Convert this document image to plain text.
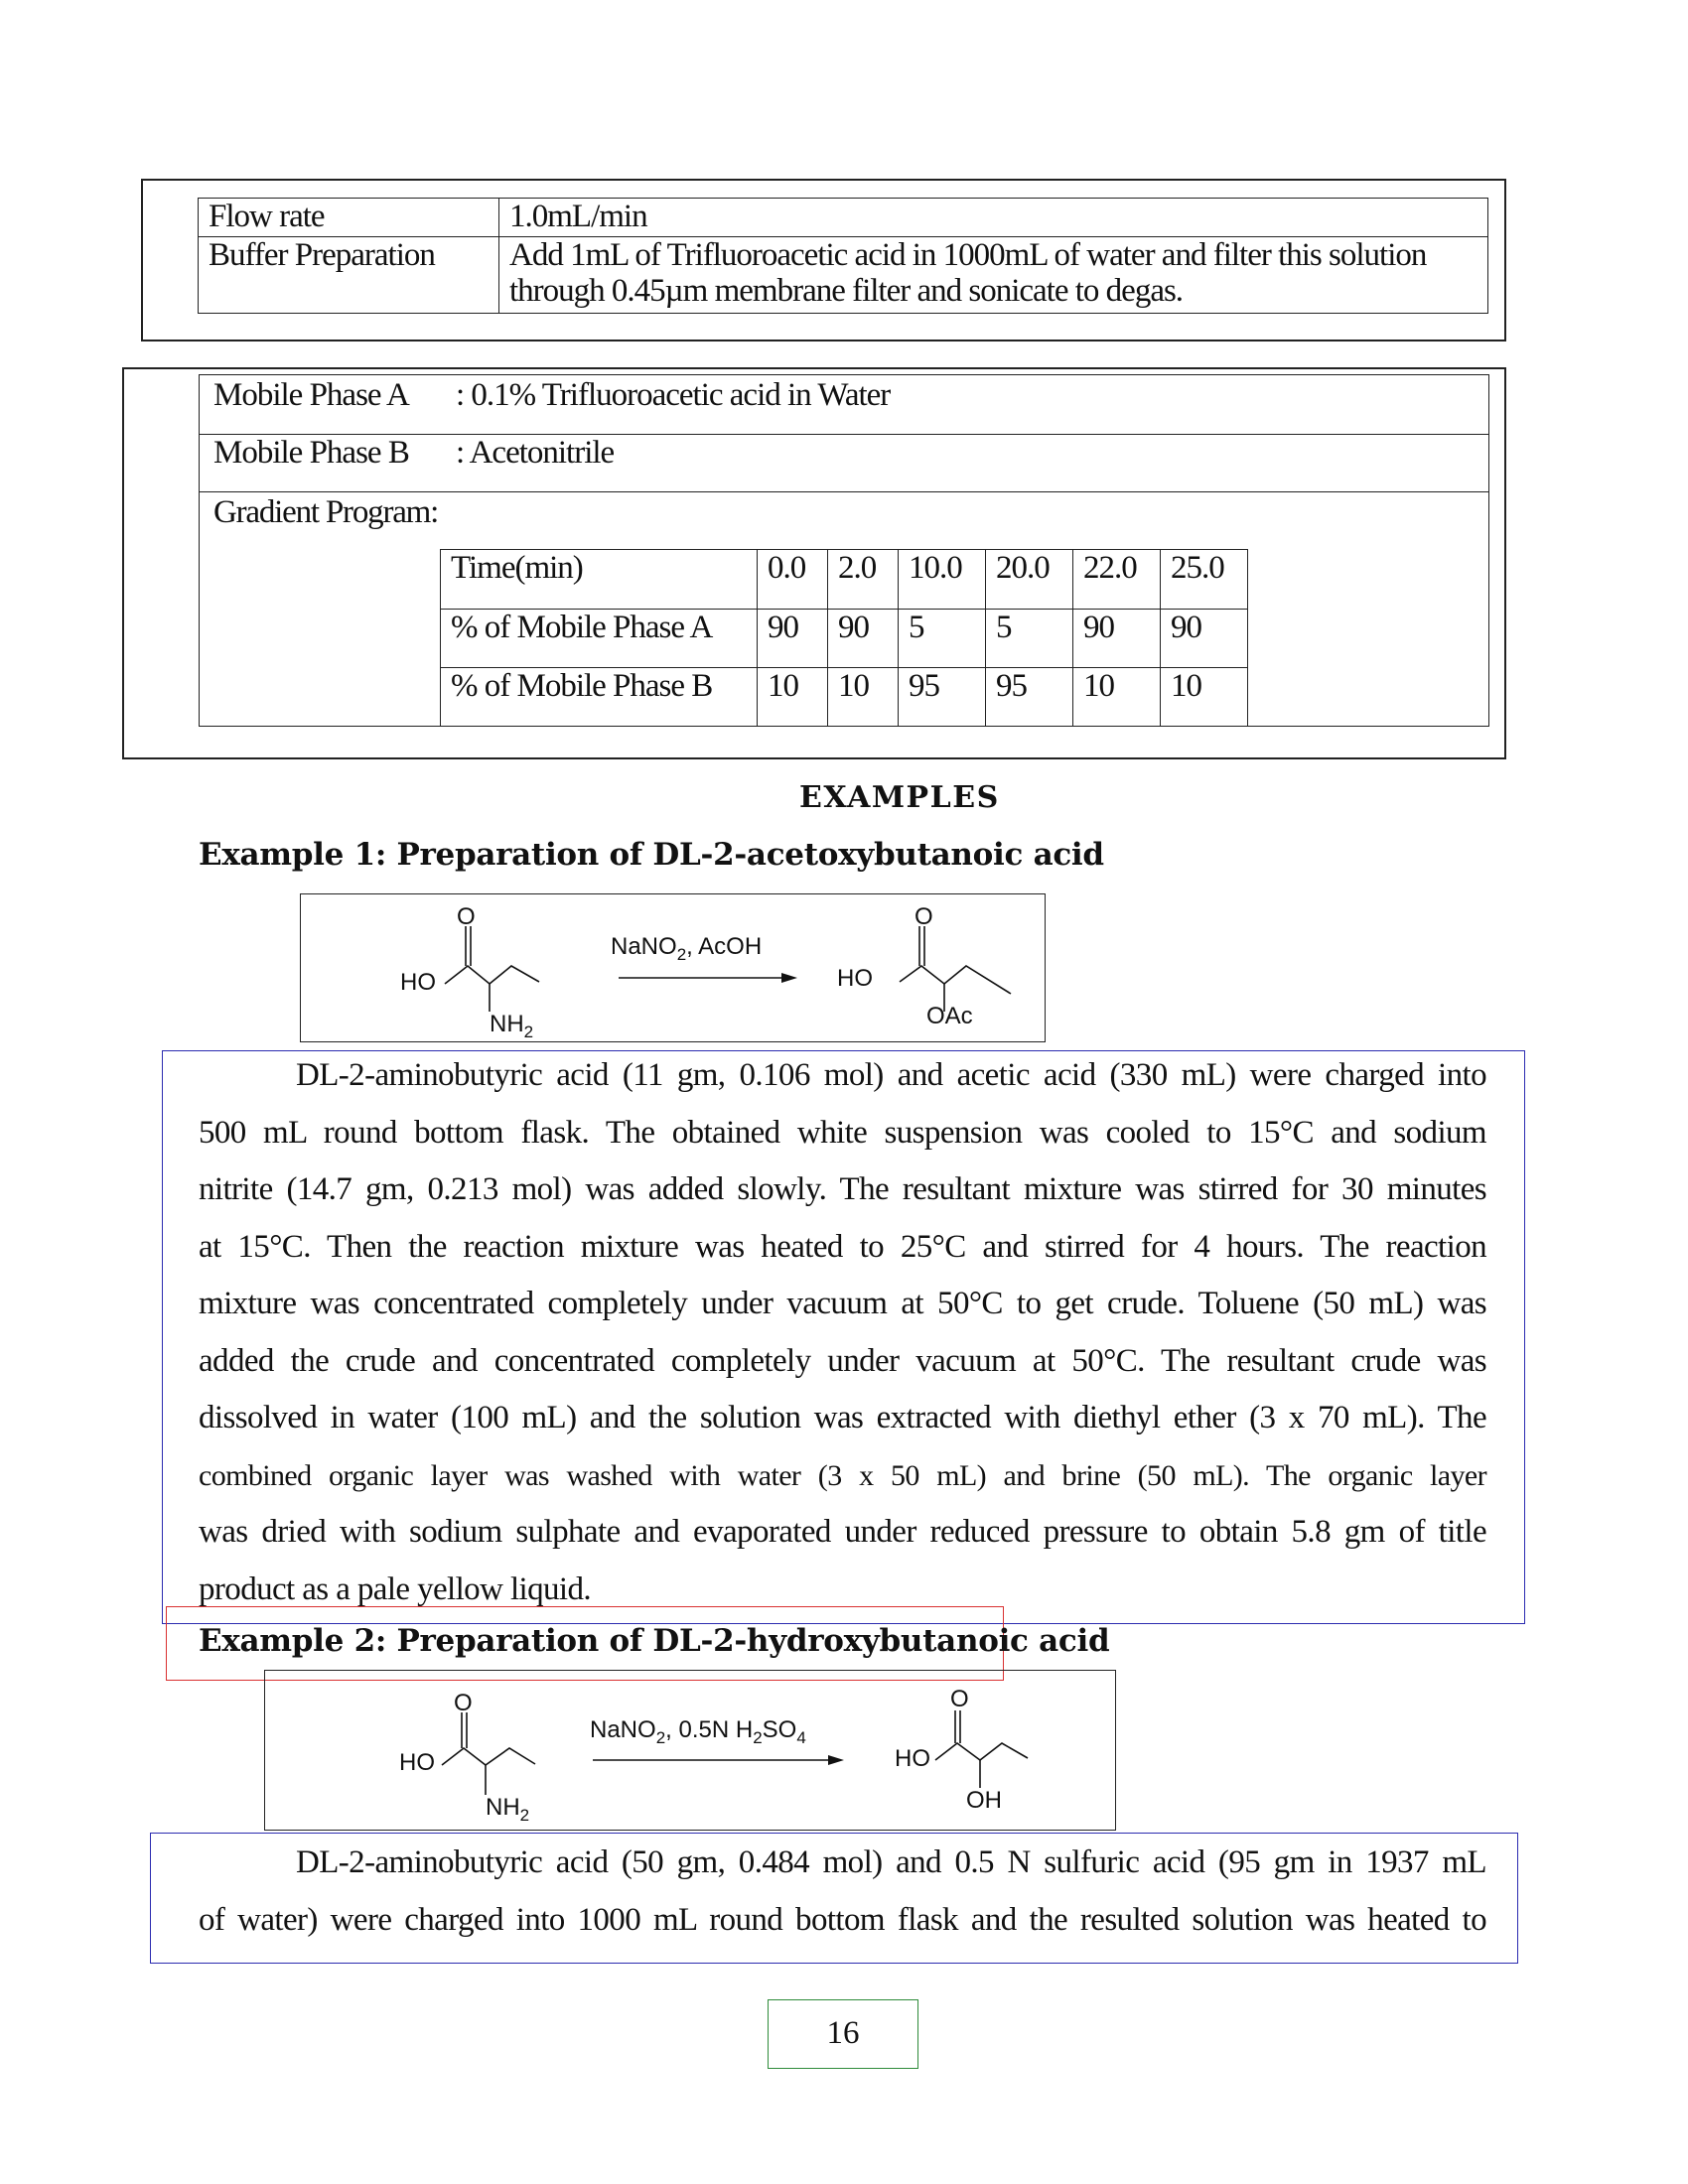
Flow rate	1.0mL/min
Buffer Preparation	Add 1mL of Trifluoroacetic acid in 1000mL of water and filter this solution through 0.45µm membrane filter and sonicate to degas.
Mobile Phase A : 0.1% Trifluoroacetic acid in Water
Mobile Phase B : Acetonitrile
Gradient Program:
Time(min)	0.0	2.0	10.0	20.0	22.0	25.0
% of Mobile Phase A	90	90	5	5	90	90
% of Mobile Phase B	10	10	95	95	10	10
EXAMPLES
Example 1: Preparation of DL-2-acetoxybutanoic acid
O
HO
$NH_2$
NaNO$_2$, AcOH
O
HO
OAc

DL-2-aminobutyric acid (11 gm, 0.106 mol) and acetic acid (330 mL) were charged into

500 mL round bottom flask. The obtained white suspension was cooled to 15°C and sodium

nitrite (14.7 gm, 0.213 mol) was added slowly. The resultant mixture was stirred for 30 minutes

at 15°C. Then the reaction mixture was heated to 25°C and stirred for 4 hours. The reaction

mixture was concentrated completely under vacuum at 50°C to get crude. Toluene (50 mL) was

added the crude and concentrated completely under vacuum at 50°C. The resultant crude was

dissolved in water (100 mL) and the solution was extracted with diethyl ether (3 x 70 mL). The

combined organic layer was washed with water (3 x 50 mL) and brine (50 mL). The organic layer

was dried with sodium sulphate and evaporated under reduced pressure to obtain 5.8 gm of title

product as a pale yellow liquid.

Example 2: Preparation of DL-2-hydroxybutanoic acid
O
HO
$NH_2$
NaNO$_2$, 0.5N $H_2SO_4$
O
HO
OH

DL-2-aminobutyric acid (50 gm, 0.484 mol) and 0.5 N sulfuric acid (95 gm in 1937 mL

of water) were charged into 1000 mL round bottom flask and the resulted solution was heated to

16
